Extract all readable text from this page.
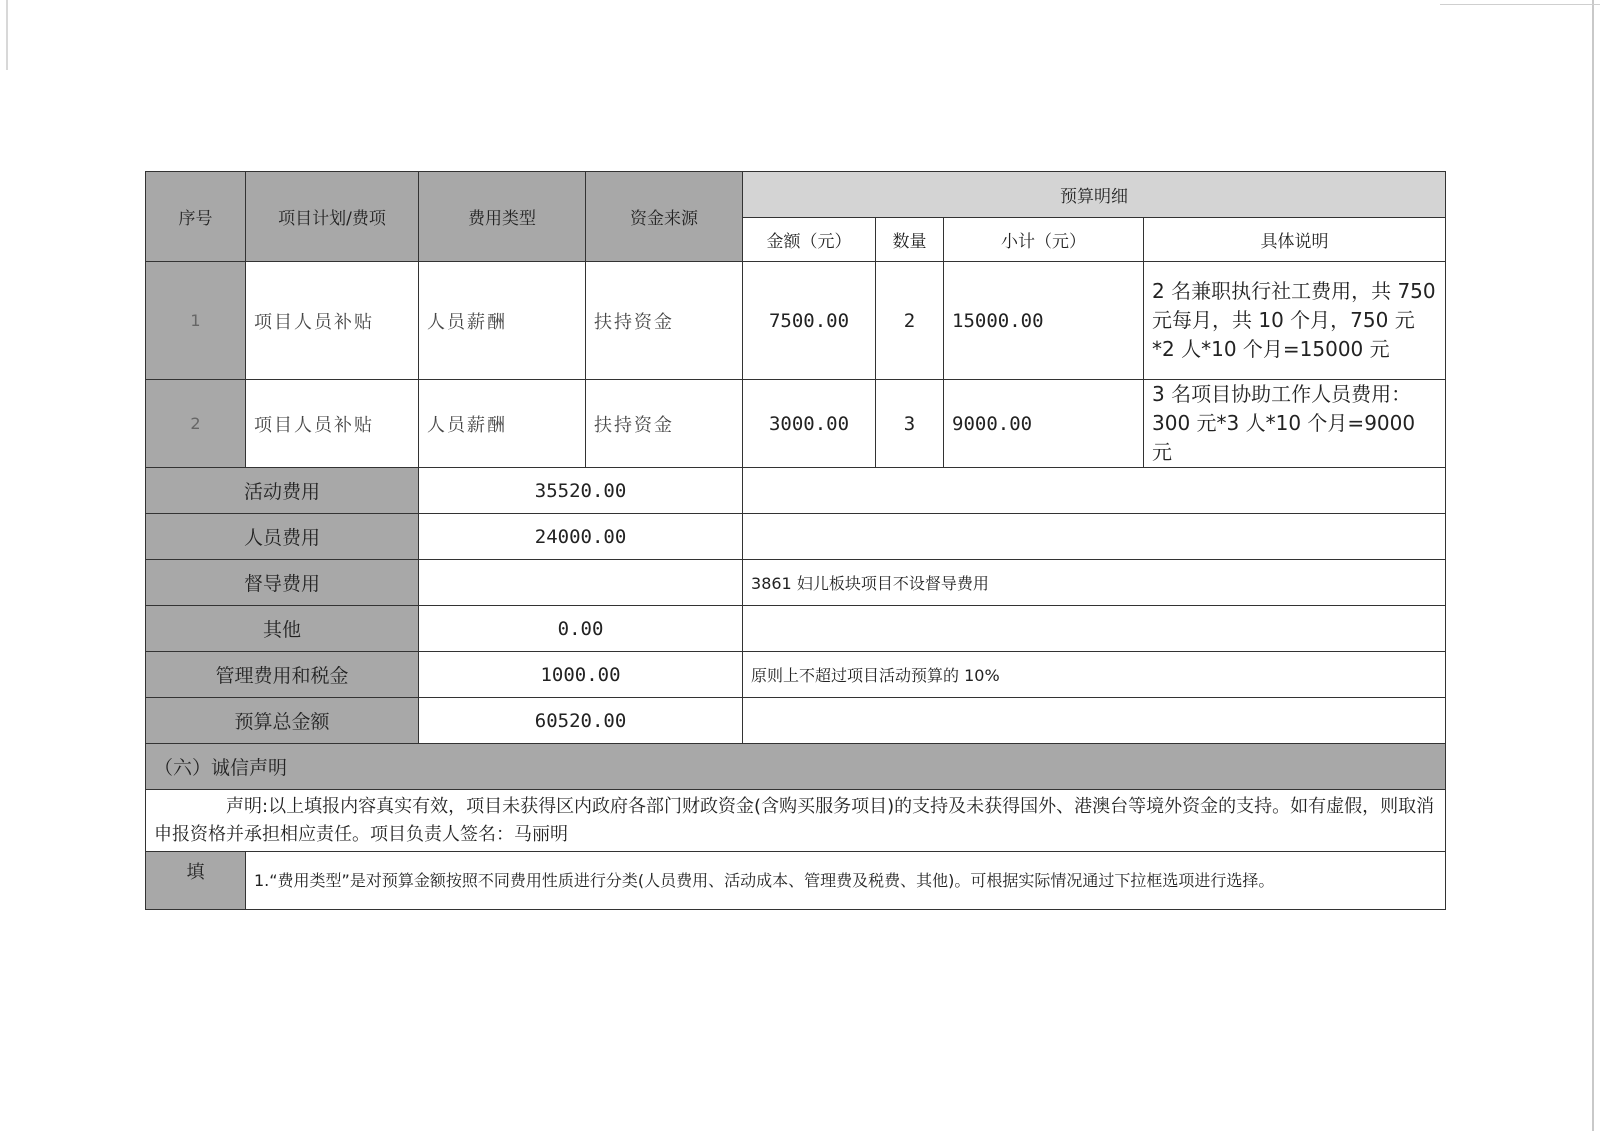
序号	项目计划/费项	费用类型	资金来源	预算明细			
				金额（元）	数量	小计（元）	具体说明
1	项目人员补贴	人员薪酬	扶持资金	7500.00	2	15000.00	2 名兼职执行社工费用，共 750 元每月，共 10 个月，750 元*2 人*10 个月=15000 元
2	项目人员补贴	人员薪酬	扶持资金	3000.00	3	9000.00	3 名项目协助工作人员费用：300 元*3 人*10 个月=9000 元
活动费用		35520.00					
人员费用		24000.00					
督导费用				3861 妇儿板块项目不设督导费用			
其他		0.00					
管理费用和税金		1000.00		原则上不超过项目活动预算的 10%			
预算总金额		60520.00					
（六）诚信声明							
声明:以上填报内容真实有效，项目未获得区内政府各部门财政资金(含购买服务项目)的支持及未获得国外、港澳台等境外资金的支持。如有虚假，则取消申报资格并承担相应责任。项目负责人签名：马丽明							
填	1.“费用类型”是对预算金额按照不同费用性质进行分类(人员费用、活动成本、管理费及税费、其他)。可根据实际情况通过下拉框选项进行选择。						
